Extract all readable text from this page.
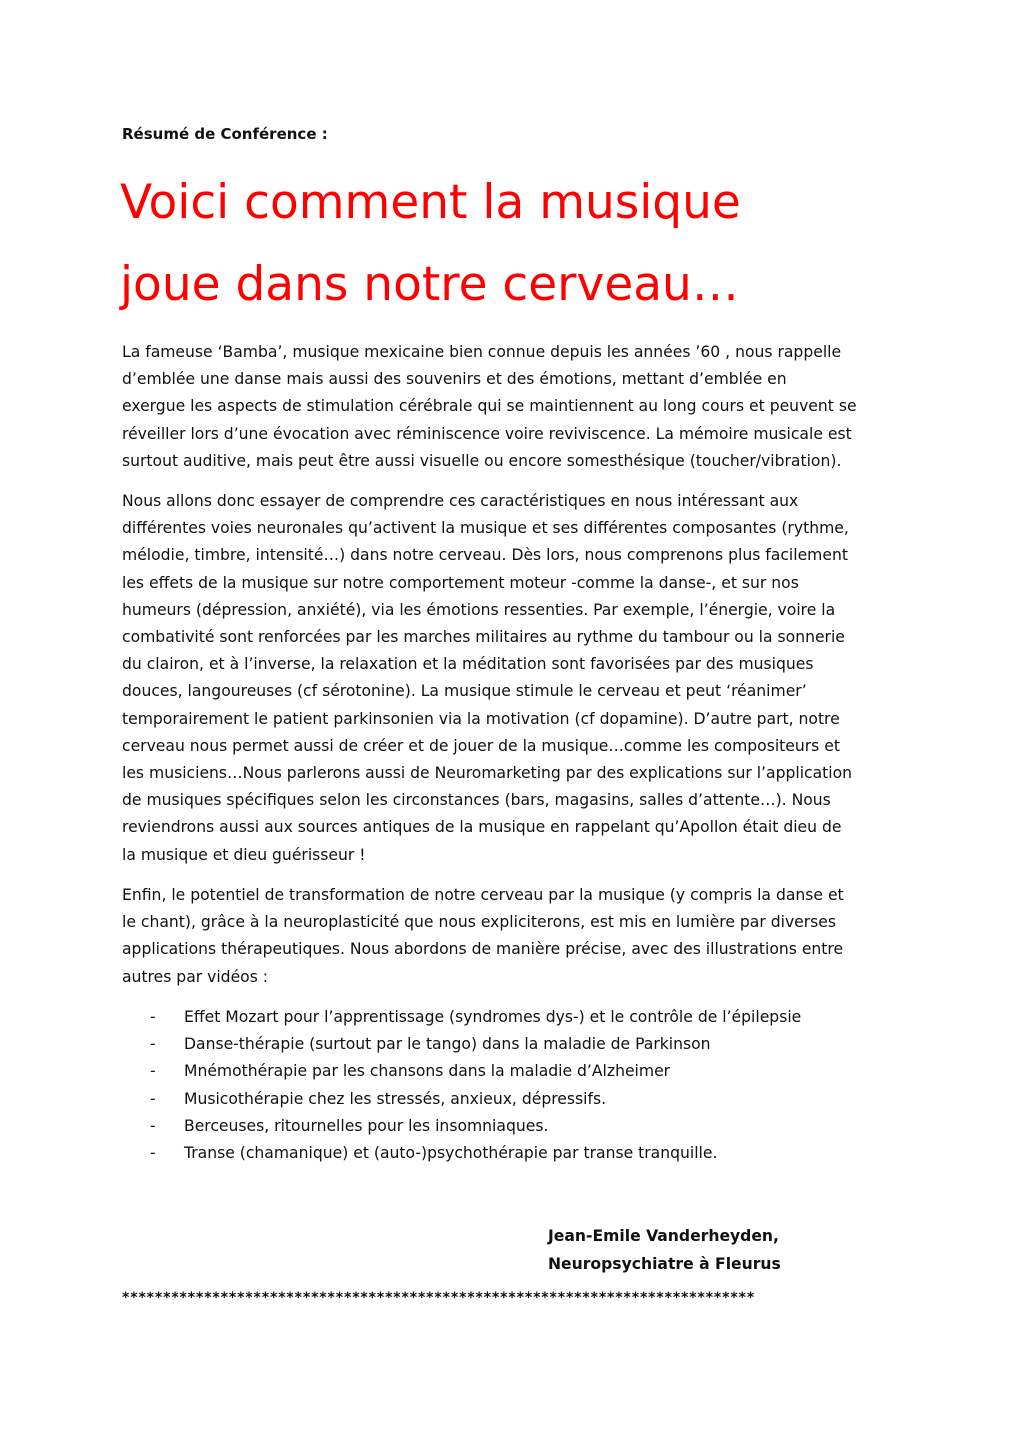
Résumé de Conférence :
Voici comment la musique
joue dans notre cerveau…

La fameuse ‘Bamba’, musique mexicaine bien connue depuis les années ’60 , nous rappelle
d’emblée une danse mais aussi des souvenirs et des émotions, mettant d’emblée en
exergue les aspects de stimulation cérébrale qui se maintiennent au long cours et peuvent se
réveiller lors d’une évocation avec réminiscence voire reviviscence. La mémoire musicale est
surtout auditive, mais peut être aussi visuelle ou encore somesthésique (toucher/vibration).

Nous allons donc essayer de comprendre ces caractéristiques en nous intéressant aux
différentes voies neuronales qu’activent la musique et ses différentes composantes (rythme,
mélodie, timbre, intensité…) dans notre cerveau. Dès lors, nous comprenons plus facilement
les effets de la musique sur notre comportement moteur -comme la danse-, et sur nos
humeurs (dépression, anxiété), via les émotions ressenties. Par exemple, l’énergie, voire la
combativité sont renforcées par les marches militaires au rythme du tambour ou la sonnerie
du clairon, et à l’inverse, la relaxation et la méditation sont favorisées par des musiques
douces, langoureuses (cf sérotonine). La musique stimule le cerveau et peut ‘réanimer’
temporairement le patient parkinsonien via la motivation (cf dopamine). D’autre part, notre
cerveau nous permet aussi de créer et de jouer de la musique…comme les compositeurs et
les musiciens…Nous parlerons aussi de Neuromarketing par des explications sur l’application
de musiques spécifiques selon les circonstances (bars, magasins, salles d’attente…). Nous
reviendrons aussi aux sources antiques de la musique en rappelant qu’Apollon était dieu de
la musique et dieu guérisseur !

Enfin, le potentiel de transformation de notre cerveau par la musique (y compris la danse et
le chant), grâce à la neuroplasticité que nous expliciterons, est mis en lumière par diverses
applications thérapeutiques. Nous abordons de manière précise, avec des illustrations entre
autres par vidéos :

- Effet Mozart pour l’apprentissage (syndromes dys-) et le contrôle de l’épilepsie
- Danse-thérapie (surtout par le tango) dans la maladie de Parkinson
- Mnémothérapie par les chansons dans la maladie d’Alzheimer
- Musicothérapie chez les stressés, anxieux, dépressifs.
- Berceuses, ritournelles pour les insomniaques.
- Transe (chamanique) et (auto-)psychothérapie par transe tranquille.
Jean-Emile Vanderheyden,
Neuropsychiatre à Fleurus
*****************************************************************************
